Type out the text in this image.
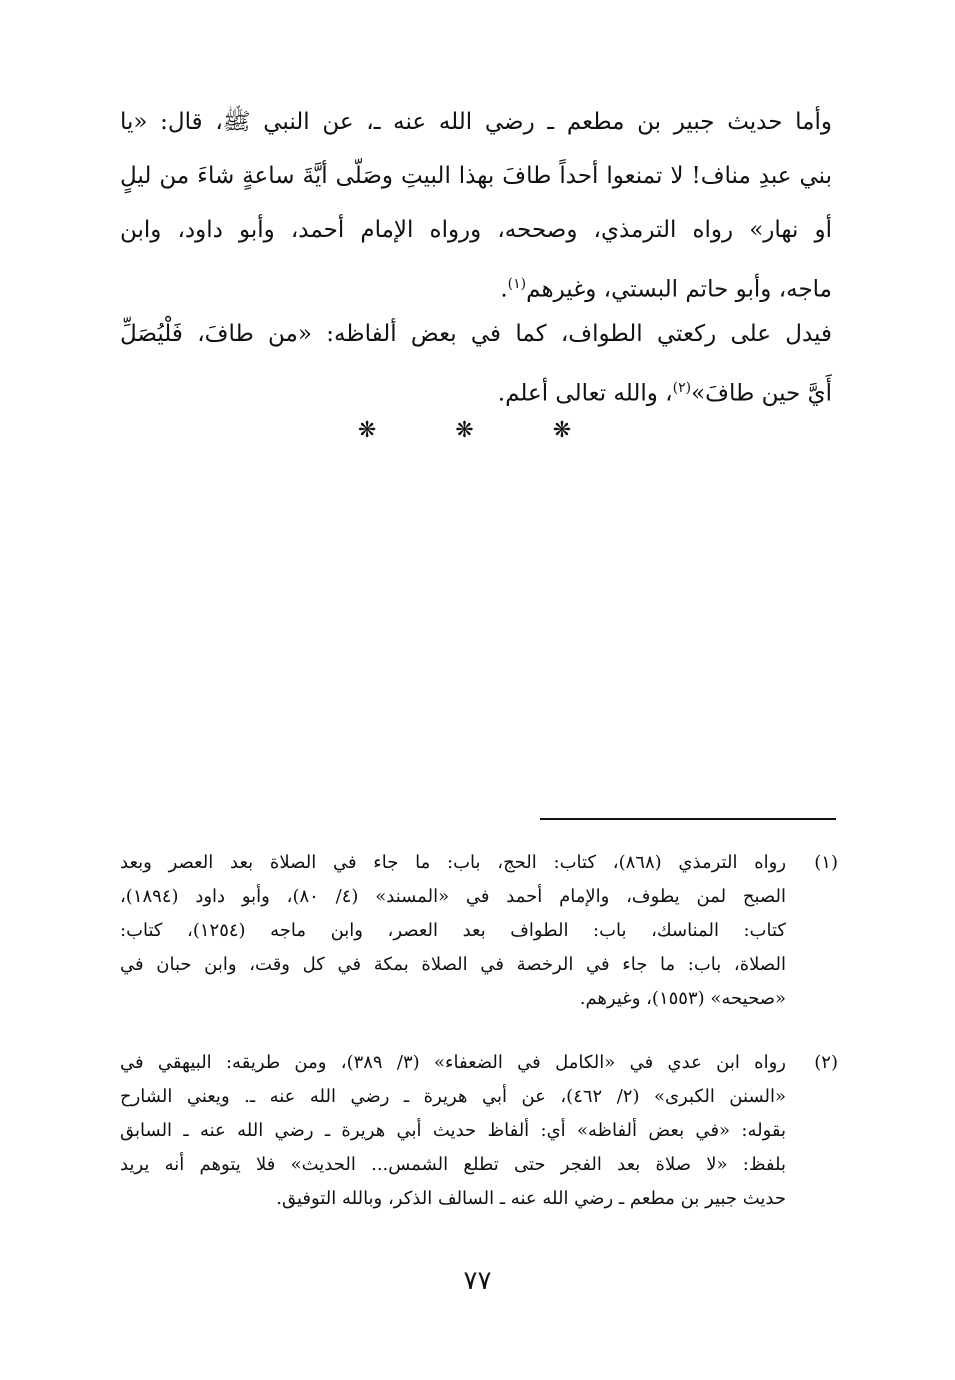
وأما حديث جبير بن مطعم ـ رضي الله عنه ـ، عن النبي ﷺ، قال: «يا
بني عبدِ مناف! لا تمنعوا أحداً طافَ بهذا البيتِ وصَلّى أيَّةَ ساعةٍ شاءَ من ليلٍ
أو نهار» رواه الترمذي، وصححه، ورواه الإمام أحمد، وأبو داود، وابن
ماجه، وأبو حاتم البستي، وغيرهم$^{(١)}$.
فيدل على ركعتي الطواف، كما في بعض ألفاظه: «من طافَ، فَلْيُصَلِّ
أَيَّ حين طافَ»$^{(٢)}$، والله تعالى أعلم.
❋ ❋ ❋
(١)
رواه الترمذي (٨٦٨)، كتاب: الحج، باب: ما جاء في الصلاة بعد العصر وبعد
الصبح لمن يطوف، والإمام أحمد في «المسند» (٤/ ٨٠)، وأبو داود (١٨٩٤)،
كتاب: المناسك، باب: الطواف بعد العصر، وابن ماجه (١٢٥٤)، كتاب:
الصلاة، باب: ما جاء في الرخصة في الصلاة بمكة في كل وقت، وابن حبان في
«صحيحه» (١٥٥٣)، وغيرهم.
(٢)
رواه ابن عدي في «الكامل في الضعفاء» (٣/ ٣٨٩)، ومن طريقه: البيهقي في
«السنن الكبرى» (٢/ ٤٦٢)، عن أبي هريرة ـ رضي الله عنه ـ. ويعني الشارح
بقوله: «في بعض ألفاظه» أي: ألفاظ حديث أبي هريرة ـ رضي الله عنه ـ السابق
بلفظ: «لا صلاة بعد الفجر حتى تطلع الشمس... الحديث» فلا يتوهم أنه يريد
حديث جبير بن مطعم ـ رضي الله عنه ـ السالف الذكر، وبالله التوفيق.
٧٧
